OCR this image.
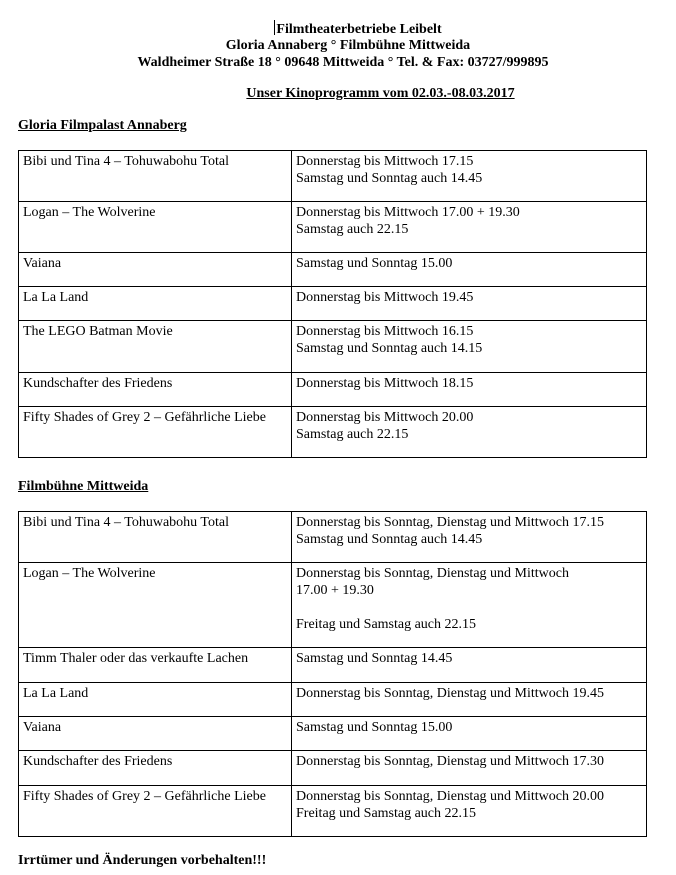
Filmtheaterbetriebe Leibelt
Gloria Annaberg ° Filmbühne Mittweida
Waldheimer Straße 18 ° 09648 Mittweida ° Tel. & Fax: 03727/999895
Unser Kinoprogramm vom 02.03.-08.03.2017
Gloria Filmpalast Annaberg
Bibi und Tina 4 – Tohuwabohu Total	Donnerstag bis Mittwoch 17.15
Samstag und Sonntag auch 14.45

Logan – The Wolverine	Donnerstag bis Mittwoch 17.00 + 19.30
Samstag auch 22.15

Vaiana	Samstag und Sonntag 15.00

La La Land	Donnerstag bis Mittwoch 19.45

The LEGO Batman Movie	Donnerstag bis Mittwoch 16.15
Samstag und Sonntag auch 14.15

Kundschafter des Friedens	Donnerstag bis Mittwoch 18.15

Fifty Shades of Grey 2 – Gefährliche Liebe	Donnerstag bis Mittwoch 20.00
Samstag auch 22.15
Filmbühne Mittweida
Bibi und Tina 4 – Tohuwabohu Total	Donnerstag bis Sonntag, Dienstag und Mittwoch 17.15
Samstag und Sonntag auch 14.45

Logan – The Wolverine	Donnerstag bis Sonntag, Dienstag und Mittwoch
17.00 + 19.30

Freitag und Samstag auch 22.15

Timm Thaler oder das verkaufte Lachen	Samstag und Sonntag 14.45

La La Land	Donnerstag bis Sonntag, Dienstag und Mittwoch 19.45

Vaiana	Samstag und Sonntag 15.00

Kundschafter des Friedens	Donnerstag bis Sonntag, Dienstag und Mittwoch 17.30

Fifty Shades of Grey 2 – Gefährliche Liebe	Donnerstag bis Sonntag, Dienstag und Mittwoch 20.00
Freitag und Samstag auch 22.15
Irrtümer und Änderungen vorbehalten!!!
